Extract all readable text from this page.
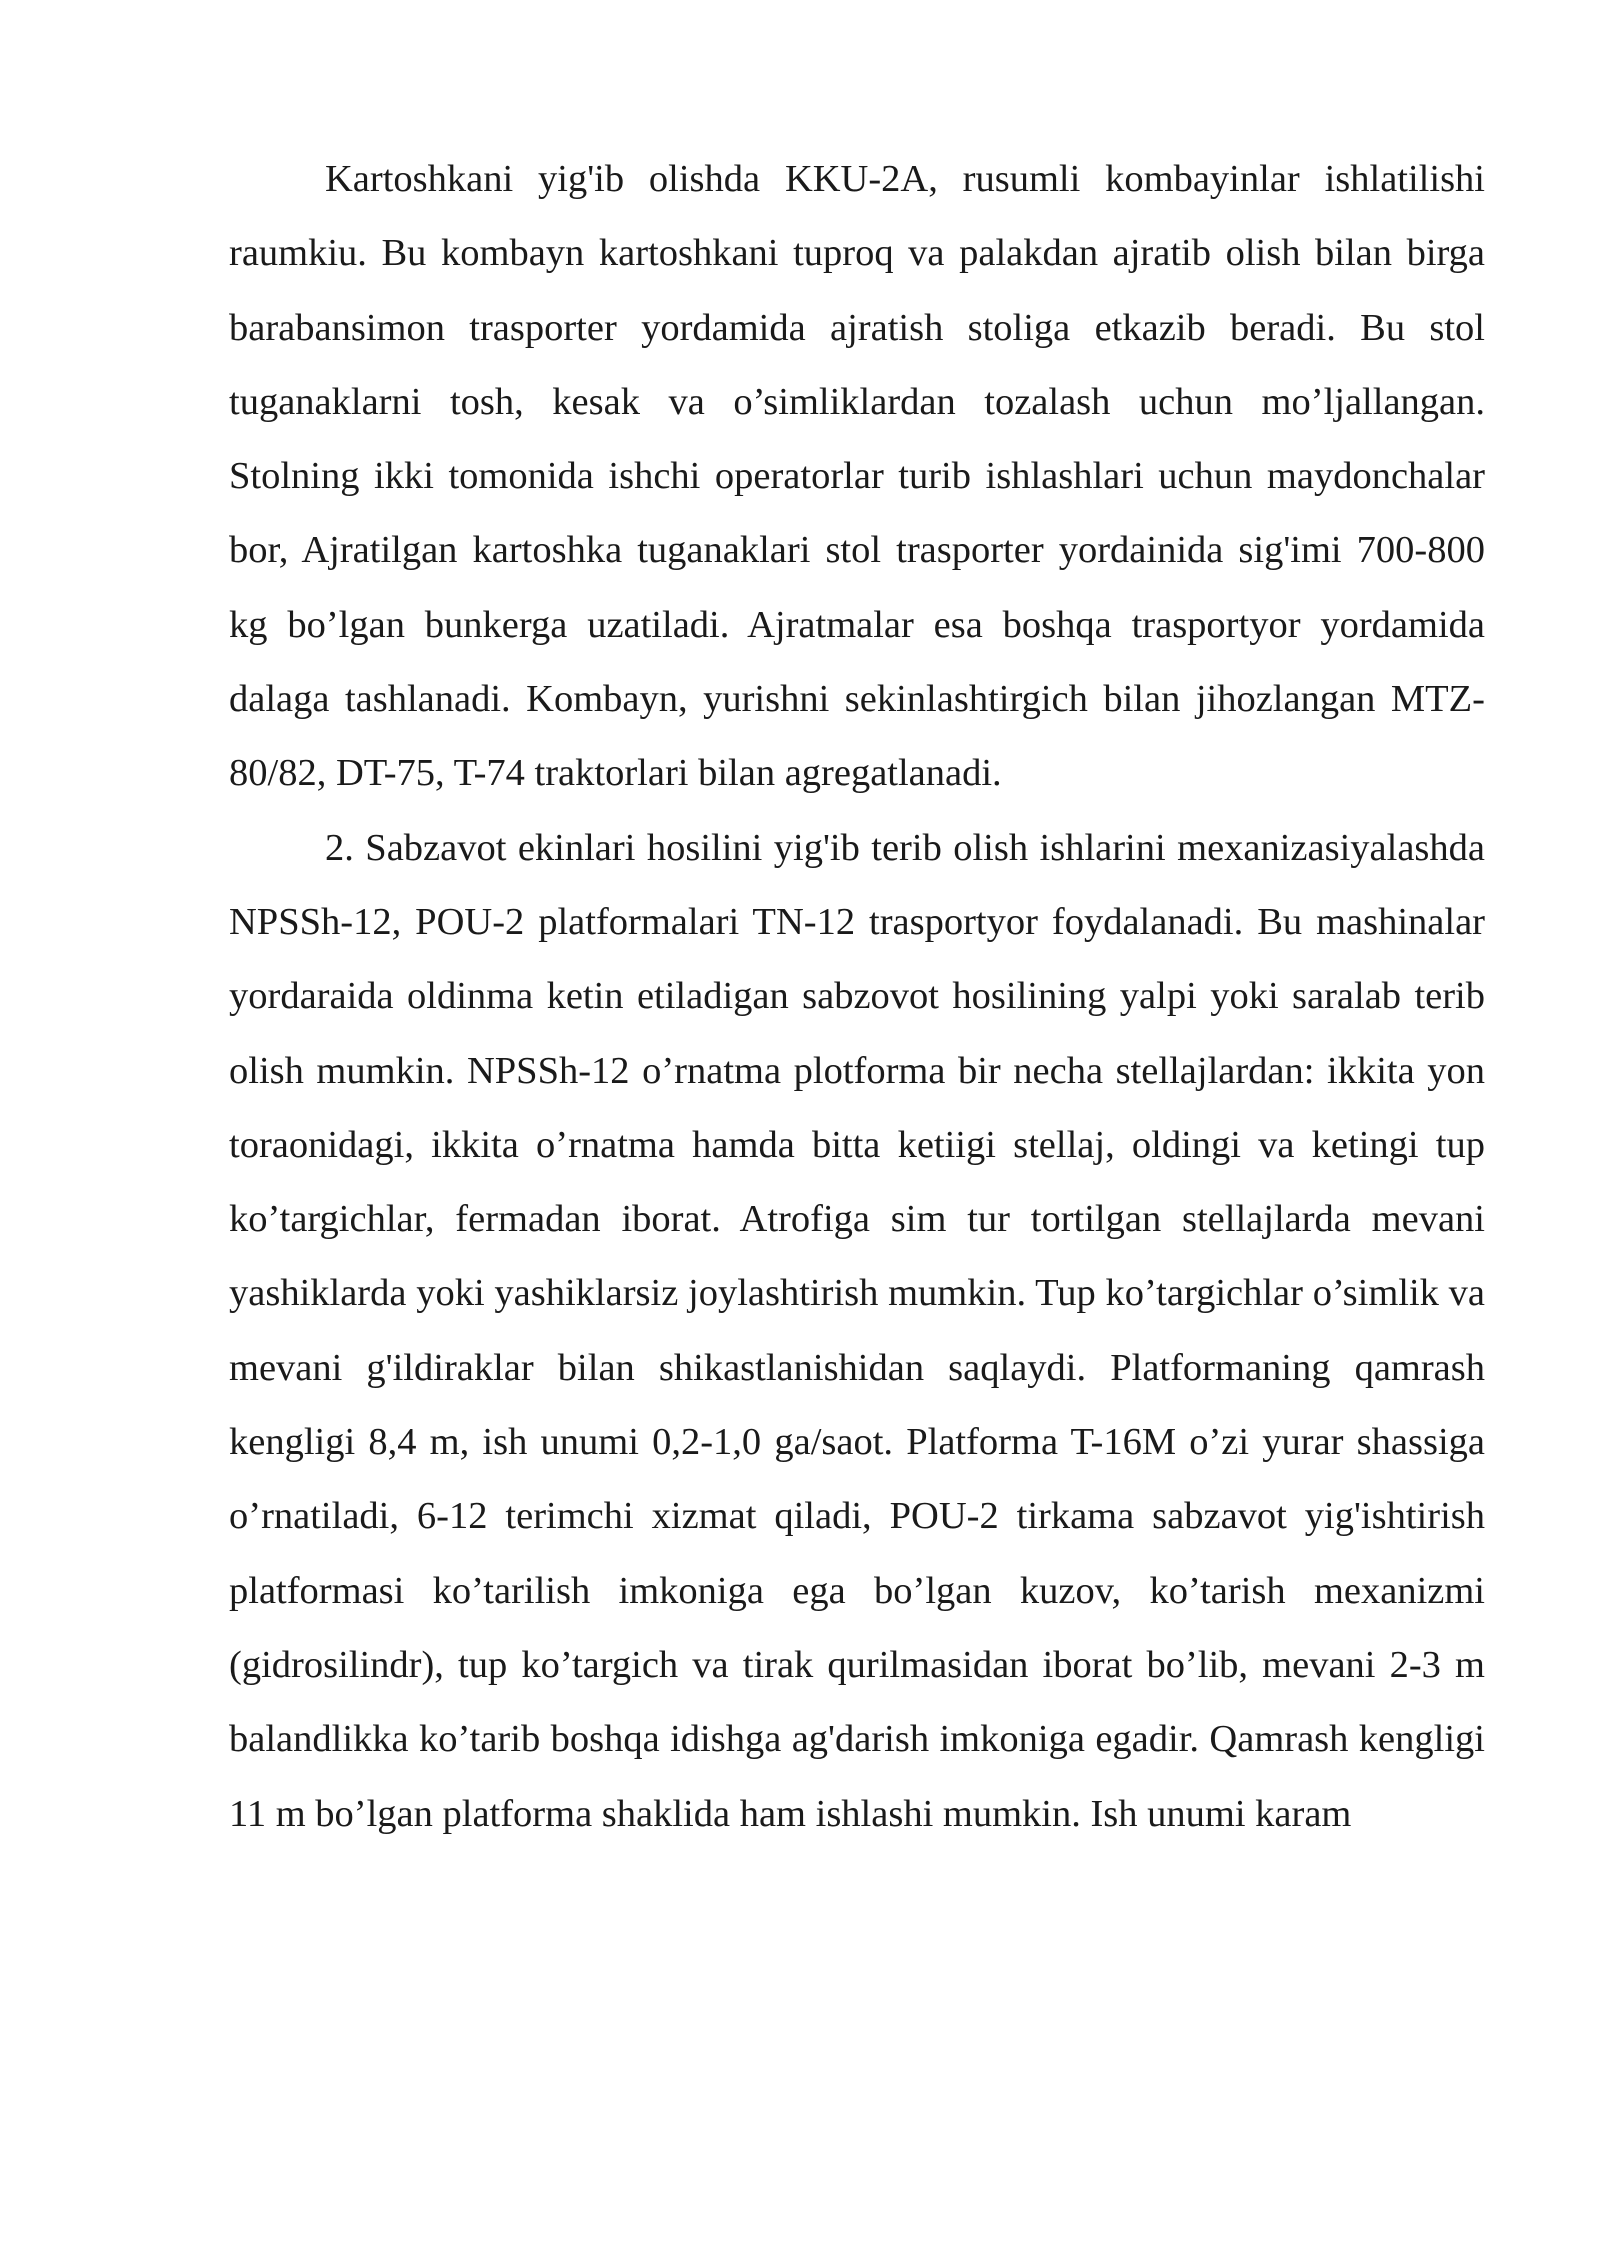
Kartoshkani yig'ib olishda KKU-2A, rusumli kombayinlar ishlatilishi raumkiu. Bu kombayn kartoshkani tuproq va palakdan ajratib olish bilan birga barabansimon trasporter yordamida ajratish stoliga etkazib beradi. Bu stol tuganaklarni tosh, kesak va o’simliklardan tozalash uchun mo’ljallangan. Stolning ikki tomonida ishchi operatorlar turib ishlashlari uchun maydonchalar bor, Ajratilgan kartoshka tuganaklari stol trasporter yordainida sig'imi 700-800 kg bo’lgan bunkerga uzatiladi. Ajratmalar esa boshqa trasportyor yordamida dalaga tashlanadi. Kombayn, yurishni sekinlashtirgich bilan jihozlangan MTZ-80/82, DT-75, T-74 traktorlari bilan agregatlanadi.

2. Sabzavot ekinlari hosilini yig'ib terib olish ishlarini mexanizasiyalashda NPSSh-12, POU-2 platformalari TN-12 trasportyor foydalanadi. Bu mashinalar yordaraida oldinma ketin etiladigan sabzovot hosilining yalpi yoki saralab terib olish mumkin. NPSSh-12 o’rnatma plotforma bir necha stellajlardan: ikkita yon toraonidagi, ikkita o’rnatma hamda bitta ketiigi stellaj, oldingi va ketingi tup ko’targichlar, fermadan iborat. Atrofiga sim tur tortilgan stellajlarda mevani yashiklarda yoki yashiklarsiz joylashtirish mumkin. Tup ko’targichlar o’simlik va mevani g'ildiraklar bilan shikastlanishidan saqlaydi. Platformaning qamrash kengligi 8,4 m, ish unumi 0,2-1,0 ga/saot. Platforma T-16M o’zi yurar shassiga o’rnatiladi, 6-12 terimchi xizmat qiladi, POU-2 tirkama sabzavot yig'ishtirish platformasi ko’tarilish imkoniga ega bo’lgan kuzov, ko’tarish mexanizmi (gidrosilindr), tup ko’targich va tirak qurilmasidan iborat bo’lib, mevani 2-3 m balandlikka ko’tarib boshqa idishga ag'darish imkoniga egadir. Qamrash kengligi 11 m bo’lgan platforma shaklida ham ishlashi mumkin. Ish unumi karam
